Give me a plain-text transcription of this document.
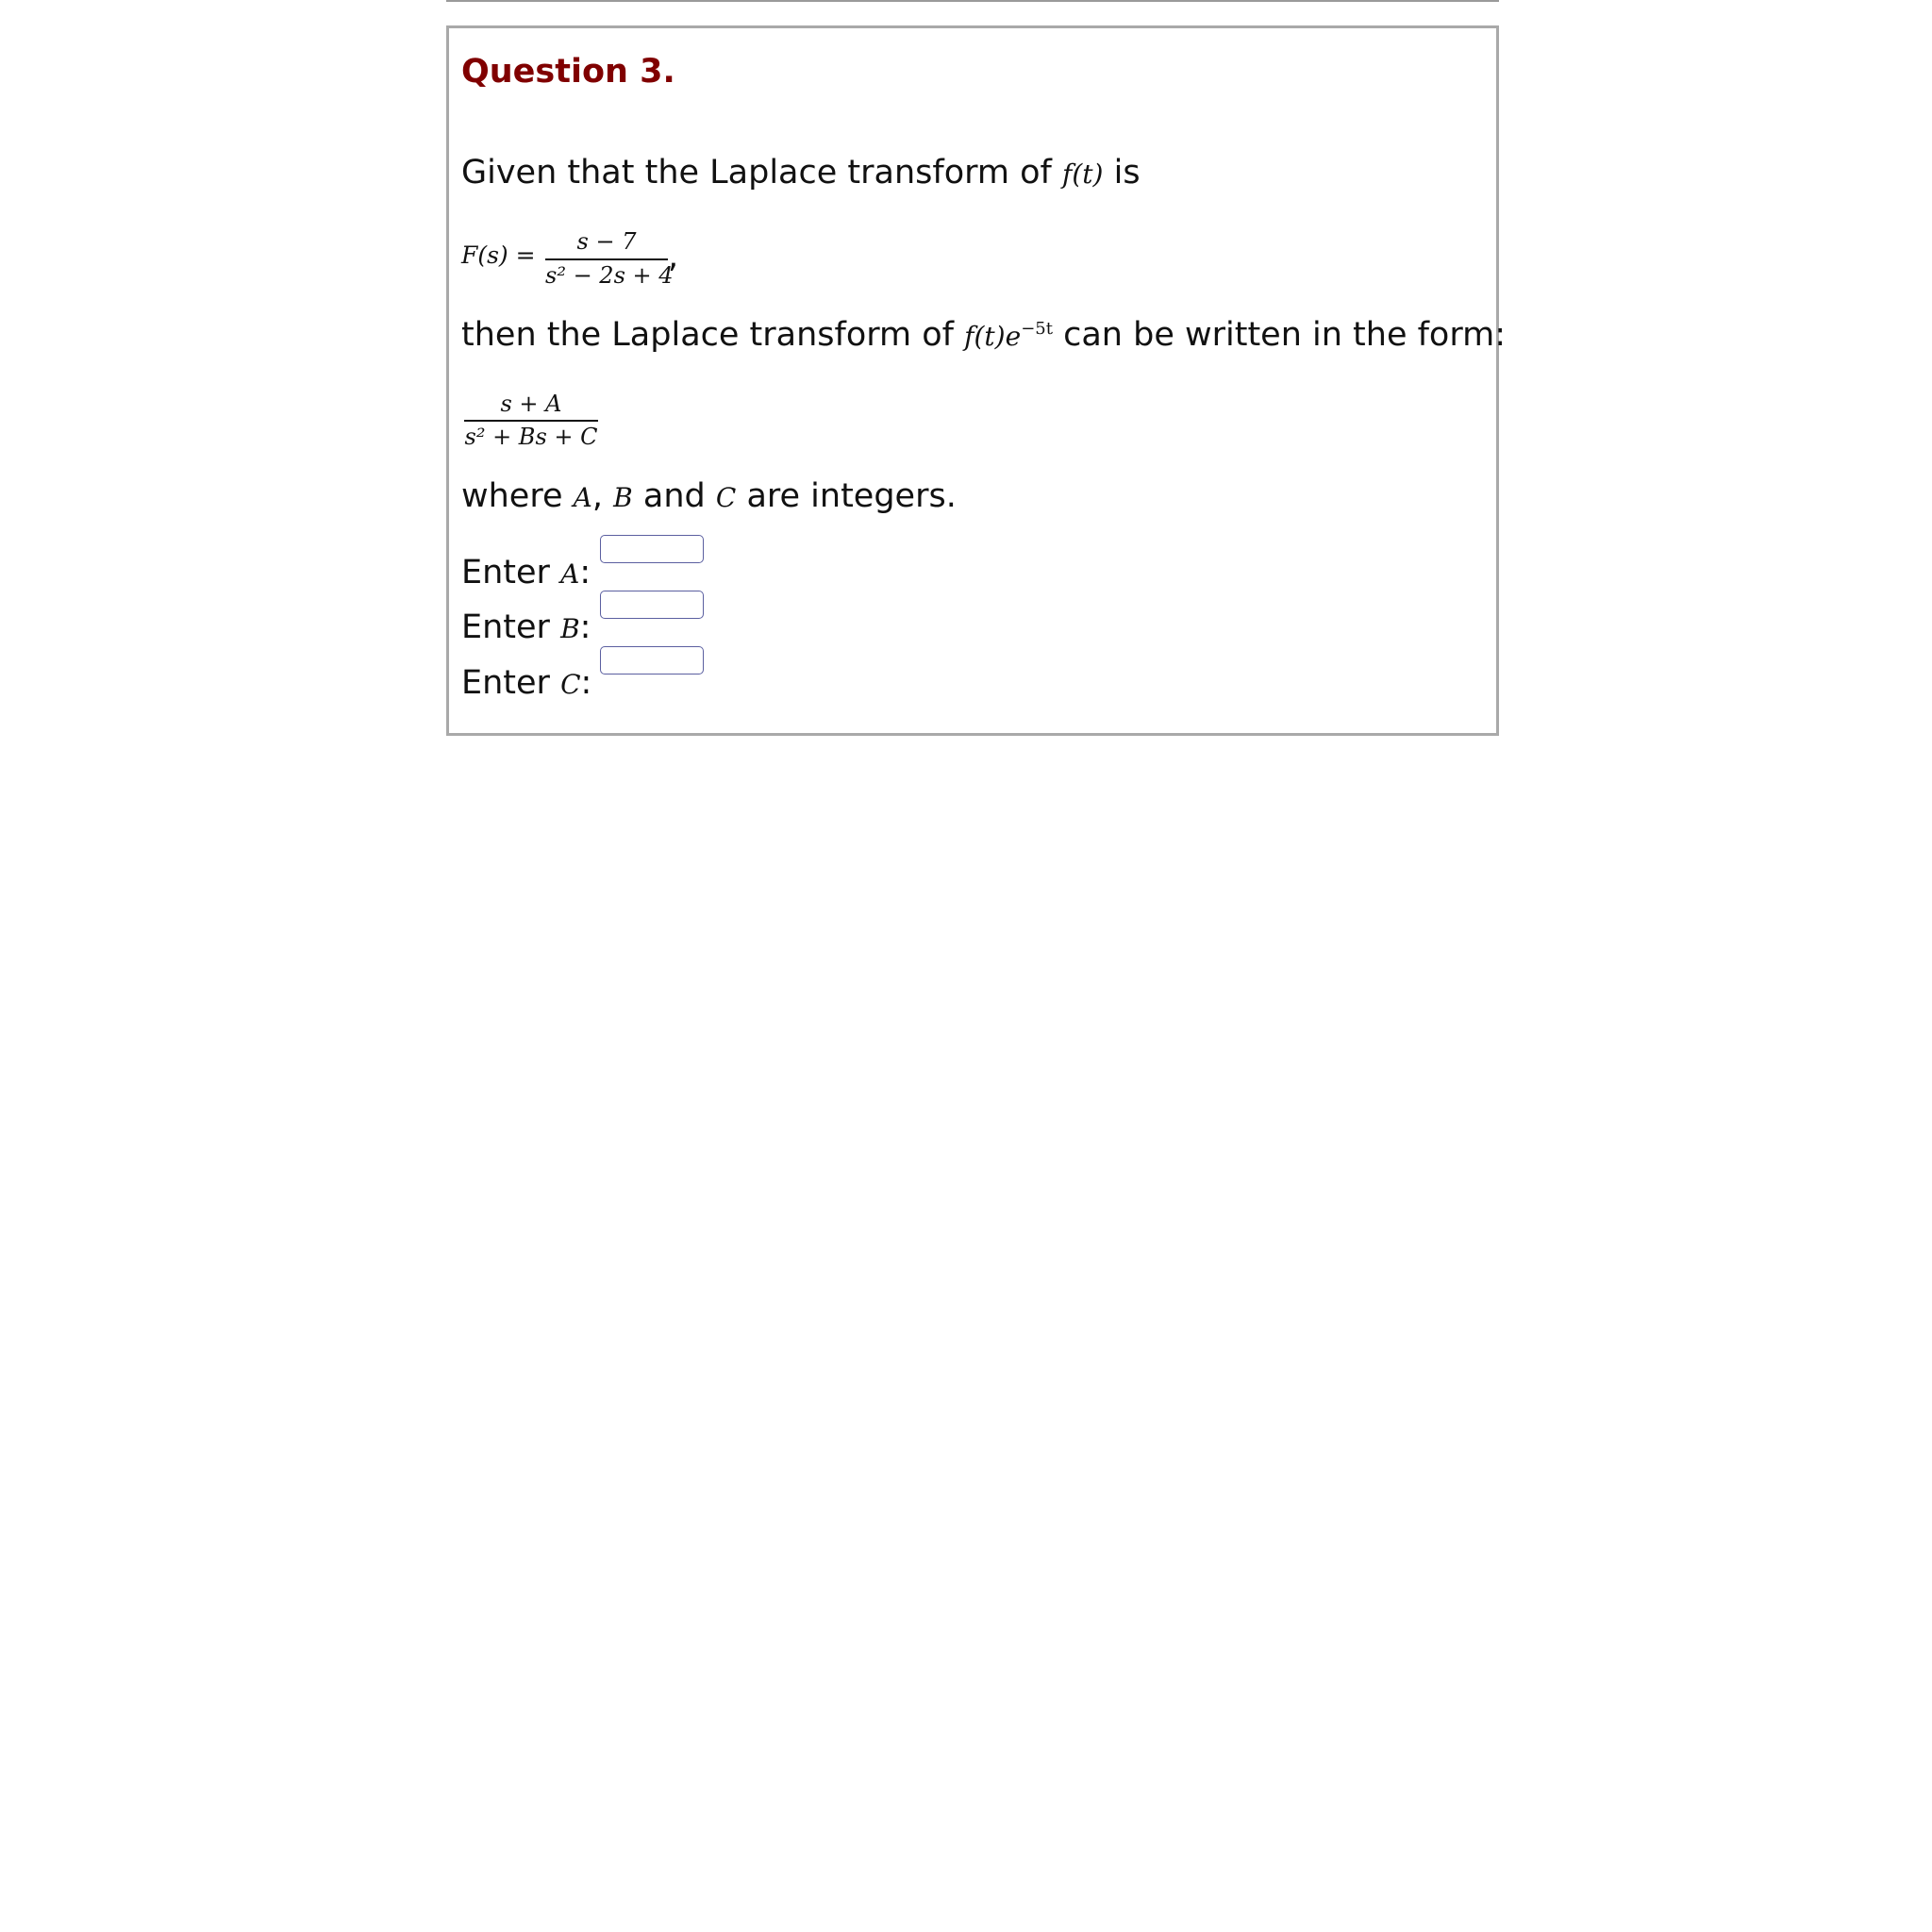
Question 3.
Given that the Laplace transform of f(t) is
F(s) =	s − 7
s² − 2s + 4
,
then the Laplace transform of $f(t)e^{-5t}$ can be written in the form:
s + A
s² + Bs + C
where A, B and C are integers.
Enter A:
Enter B:
Enter C:
